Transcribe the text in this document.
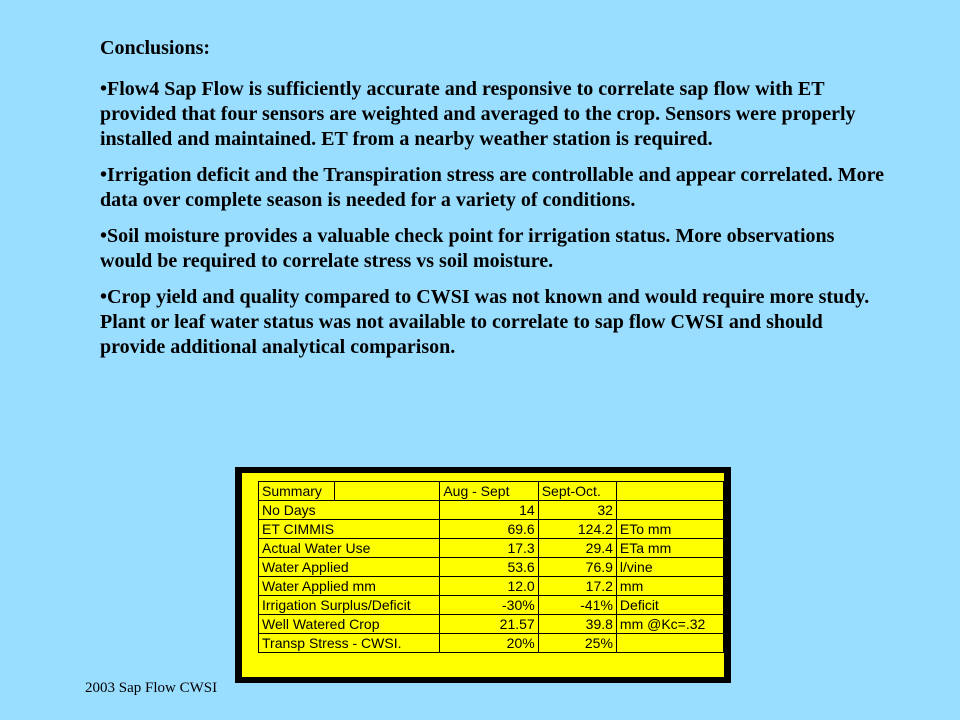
Conclusions:

•Flow4 Sap Flow is sufficiently accurate and responsive to correlate sap flow with ET provided that four sensors are weighted and averaged to the crop. Sensors were properly installed and maintained. ET from a nearby weather station is required.

•Irrigation deficit and the Transpiration stress are controllable and appear correlated. More data over complete season is needed for a variety of conditions.

•Soil moisture provides a valuable check point for irrigation status. More observations would be required to correlate stress vs soil moisture.

•Crop yield and quality compared to CWSI was not known and would require more study. Plant or leaf water status was not available to correlate to sap flow CWSI and should provide additional analytical comparison.

Summary		Aug - Sept	Sept-Oct.	
No Days		14	32	
ET CIMMIS		69.6	124.2	ETo mm
Actual Water Use		17.3	29.4	ETa mm
Water Applied		53.6	76.9	l/vine
Water Applied mm		12.0	17.2	mm
Irrigation Surplus/Deficit		-30%	-41%	Deficit
Well Watered Crop		21.57	39.8	mm @Kc=.32
Transp Stress - CWSI.		20%	25%	
2003 Sap Flow CWSI
